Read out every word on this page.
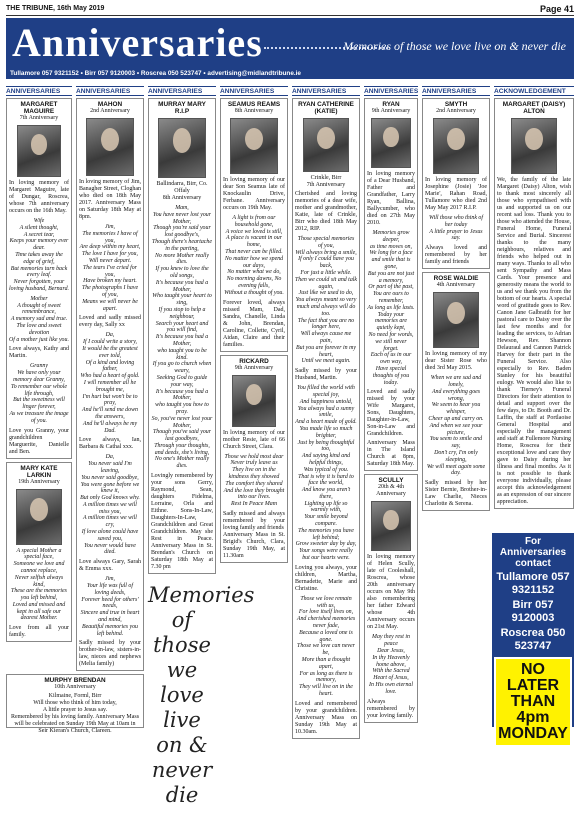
THE TRIBUNE, 16th May 2019	Page 41
Anniversaries	Memories of those we love live on & never die
Tullamore 057 9321152 • Birr 057 9120003 • Roscrea 050 523747 • advertising@midlandtribune.ie
ANNIVERSARIES	ANNIVERSARIES	ANNIVERSARIES	ANNIVERSARIES	ANNIVERSARIES	ANNIVERSARIES ANNIVERSARIES	ACKNOWLEDGEMENT
MARGARET MAGUIRE
7th Anniversary
In loving memory of Margaret Maguire, late of Dungar, Roscrea, whose 7th anniversary occurs on the 16th May.
Wife
A silent thought,
A secret tear,
Keeps your memory ever dear.
Time takes away the edge of grief,
But memories turn back every leaf.
Never forgotten, your loving husband, Bernard.
Mother
A thought of sweet remembrance,
A memory sad and true.
The love and sweet devotion
Of a mother just like you.
Love always, Kathy and Martin.
Granny
We have only your memory dear Granny,
To remember our whole life through,
But the sweetness will linger forever,
As we treasure the image of you.
Love you Granny, your grandchildren Marguerite, Danielle and Ben.
MARY KATE LARKIN
19th Anniversary
A special Mother a special face,
Someone we love and cannot replace,
Never selfish always kind,
These are the memories you left behind,
Loved and missed and kept in all safe our dearest Mother.
Love from all your family.
MURPHY BRENDAN
10th Anniversary
Kilmaine, Forml, Birr
Will those who think of him today,
A little prayer to Jesus say.
Remembered by his loving family. Anniversary Mass will be celebrated on Sunday 19th May at 10am in Seir Kieran's Church, Clareen.
MAHON
2nd Anniversary
In loving memory of Jim, Banagher Street, Cloghan who died on 18th May 2017. Anniversary Mass on Saturday 18th May at 8pm.
Jim,
The memories I have of you,
Are deep within my heart,
The love I have for you,
Will never depart.
The tears I've cried for you,
Have broken my heart.
The photographs I have of you,
Means we will never be apart.
Loved and sadly missed every day, Sally xx
Da,
If I could write a story,
It would be the greatest ever told,
Of a kind and loving father,
Who had a heart of gold.
I will remember all he brought me,
I'm hurt but won't be to pray,
And he'll send me down the answers,
And he'll always be my Dad.
Love always, Ian, Barbara & Cathal xxx.
Da,
You never said I'm leaving,
You never said goodbye,
You were gone before we knew it,
But only God knows why.
A million times we will miss you,
A million times we will cry,
If love alone could have saved you,
You never would have died.
Love always Gary, Sarah & Emma xxx.
Jim,
Your life was full of loving deeds,
Forever heed for others' needs,
Sincere and true in heart and mind,
Beautiful memories you left behind.
Sadly missed by your brother-in-law, sisters-in-law, nieces and nephews (Melia family)
MURRAY MARY R.I.P
Ballindarra, Birr, Co. Offaly
8th Anniversary
Mam,
You have never lost your Mother,
Though you're said your lost goodbye's,
Though there's heartache in the parting,
No more Mother really dies.
If you knew to love the old songs,
It's because you had a Mother,
Who taught your heart to sing,
If you stop to help a neighbour,
Search your heart and you will find,
It's because you had a Mother,
who taught you to be kind.
If you go to church when weary,
Seeking God to guide your way,
It's because you had a Mother,
who taught you how to pray.
So, you've never lost your Mother,
Though you've said your last goodbyes,
Through your thoughts, and deeds, she's living,
No one's Mother really dies.
Lovingly remembered by your sons Gerry, Raymond, Sean, daughters Fidelma, Lorraine, Orla and Eithne. Sons-In-Law, Daughters-In-Law, Grandchildren and Great Grandchildren. May she Rest in Peace. Anniversary Mass in St. Brendan's Church on Saturday 18th May at 7.30 pm
Memories of those we love live on & never die
SEAMUS REAMS
8th Anniversary
In loving memory of our dear Son Seamus late of Knockaulin Drive, Ferbane. Anniversary occurs on 19th May.
A light is from our household gone,
A voice we loved is still,
A place is vacant in our home,
That never can be filled.
No matter how we spend our days,
No matter what we do,
No morning dawns, No evening falls,
Without a thought of you.
Forever loved, always missed Mam, Dad, Sandra, Chanelle, Linda & John, Brendan, Caroline, Collette, Cyril, Aidan, Claire and their families.
RICKARD
9th Anniversary
In loving memory of our mother Resie, late of 66 Church Street, Clara.
Those we hold most dear
Never truly leave us
They live on in the kindness they showed
The comfort they shared
And the love they brought into our lives.
Rest In Peace Mam
Sadly missed and always remembered by your loving family and friends
Anniversary Mass in St. Brigid's Church, Clara, Sunday 19th May, at 11.30am
RYAN CATHERINE (KATIE)
Crinkle, Birr
7th Anniversary
Cherished and loving memories of a dear wife, mother and grandmother, Katie, late of Crinkle, Birr who died 18th May 2012, RIP.
Those special memories of you,
Will always bring a smile,
If only I could have you back,
For just a little while.
Then we could sit and talk again,
Just like we used to do,
You always meant so very much and always will do too.
The fact that you are no longer here,
Will always cause me pain,
But you are forever in my heart,
Until we meet again.
Sadly missed by your Husband, Martin.
You filled the world with special joy,
And happiness untold,
You always had a sunny smile,
And a heart made of gold.
You made life so much brighter,
Just by being thoughtful too,
And saying kind and helpful things,
Was typical of you.
That is why it is hard to face the world,
And know you aren't there,
Lighting up life so warmly with,
Your smile beyond compare.
The memories you have left behind;
Grow sweeter day by day,
Your songs were really but our hearts were.
Loving you always, your children, Martha, Bernadette, Marie and Christine.
Those we love remain with us,
For love itself lives on,
And cherished memories never fade,
Because a loved one is gone.
Those we love can never be,
More than a thought apart,
For as long as there is memory,
They will live on in the heart.
Loved and remembered by your grandchildren. Anniversary Mass on Sunday 19th May at 10.30am.
RYAN
9th Anniversary
In loving memory of a Dear Husband, Father and Grandfather, Larry Ryan, Ballina, Ballycumber, who died on 27th May 2010.
Memories grow deeper,
as time moves on,
We long for a face and smile that is gone,
But you are not just a memory,
Or part of the past,
You are ours to remember,
As long as life lasts.
Today your memories are quietly kept,
No need for words, we still never forget.
Each of us in our own way,
Have special thoughts of you today.
Loved and sadly missed by your Wife Margaret, Sons, Daughters, Daughter-in-Law, Son-in-Law and Grandchildren.
Anniversary Mass in The Island Church at 8pm, Saturday 18th May.
SCULLY
20th & 4th Anniversary
In loving memory of Helen Scully, late of Cooleshall, Roscrea, whose 20th anniversary occurs on May 9th also remembering her father Edward whose 4th Anniversary occurs on 21st May.
May they rest in peace
Dear Jesus,
In thy Heavenly home above,
With the Sacred Heart of Jesus,
In His own eternal love.
Always remembered by your loving family.
SMYTH
2nd Anniversary
In loving memory of Josephine (Josie) 'Joe Marie', Rahan Road, Tullamore who died 2nd May May 2017 R.I.P.
Will those who think of her today
A little prayer to Jesus say.
Always loved and remembered by her family and friends
ROSE WALDIE
4th Anniversary
In loving memory of my dear Sister Rose who died 3rd May 2015.
When we are sad and lonely,
And everything goes wrong,
We seem to hear you whisper,
Cheer up and carry on.
And when we see your picture,
You seem to smile and say,
Don't cry, I'm only sleeping,
We will meet again some day.
Sadly missed by her Sister Bernie, Brother-in-Law Charlie, Nieces Charlotte & Serena.
MARGARET (DAISY) ALTON
We, the family of the late Margaret (Daisy) Alton, wish to thank most sincerely all those who sympathised with us and supported us on our recent sad loss. Thank you to those who attended the House, Funeral Home, Funeral Service and Burial. Sincerest thanks to the many neighbours, relatives and friends who helped out in many ways. Thanks to all who sent Sympathy and Mass Cards. Your presence and generosity means the world to us and we thank you from the bottom of our hearts. A special word of gratitude goes to Rev. Canon Jane Galbraith for her pastoral care to Daisy over the last few months and for leading the services, to Adrian Hewson, Rev. Shannon Delauraul and Cannon Patrick Harvey for their part in the Funeral Service. Also especially to Rev. Baden Stanley for his beautiful eulogy. We would also like to thank Tierney's Funeral Directors for their attention to detail and support over the few days, to Dr. Booth and Dr. Laffin, the staff at Portlaoise General Hospital and especially the management and staff at Fullemore Nursing Home, Roscrea for their exceptional love and care they gave to Daisy during her illness and final months. As it is not possible to thank everyone individually, please accept this acknowledgement as an expression of our sincere appreciation.
For Anniversaries contact
Tullamore 057 9321152
Birr 057 9120003
Roscrea 050 523747
NO LATER THAN 4pm MONDAY
